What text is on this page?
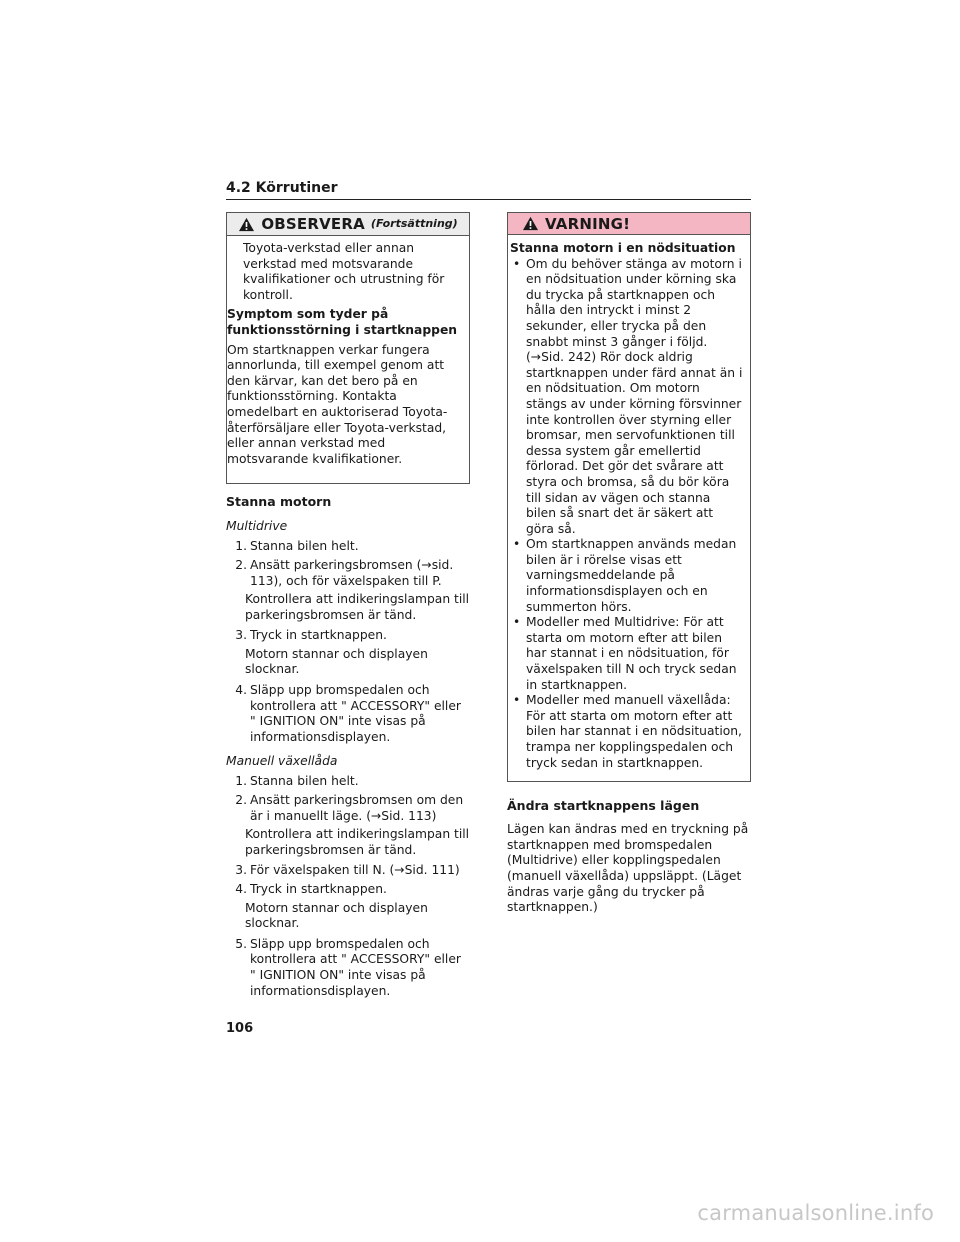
4.2 Körrutiner
OBSERVERA (Fortsättning)

Toyota-verkstad eller annan verkstad med motsvarande kvalifikationer och utrustning för kontroll.

Symptom som tyder på funktionsstörning i startknappen

Om startknappen verkar fungera annorlunda, till exempel genom att den kärvar, kan det bero på en funktionsstörning. Kontakta omedelbart en auktoriserad Toyota-återförsäljare eller Toyota-verkstad, eller annan verkstad med motsvarande kvalifikationer.

Stanna motorn
Multidrive
1. Stanna bilen helt.
2. Ansätt parkeringsbromsen (→sid. 113), och för växelspaken till P.
Kontrollera att indikeringslampan till parkeringsbromsen är tänd.
3. Tryck in startknappen.
Motorn stannar och displayen slocknar.
4. Släpp upp bromspedalen och kontrollera att " ACCESSORY" eller " IGNITION ON" inte visas på informationsdisplayen.
Manuell växellåda
1. Stanna bilen helt.
2. Ansätt parkeringsbromsen om den är i manuellt läge. (→Sid. 113)
Kontrollera att indikeringslampan till parkeringsbromsen är tänd.
3. För växelspaken till N. (→Sid. 111)
4. Tryck in startknappen.
Motorn stannar och displayen slocknar.
5. Släpp upp bromspedalen och kontrollera att " ACCESSORY" eller " IGNITION ON" inte visas på informationsdisplayen.
VARNING!

Stanna motorn i en nödsituation

• Om du behöver stänga av motorn i en nödsituation under körning ska du trycka på startknappen och hålla den intryckt i minst 2 sekunder, eller trycka på den snabbt minst 3 gånger i följd. (→Sid. 242) Rör dock aldrig startknappen under färd annat än i en nödsituation. Om motorn stängs av under körning försvinner inte kontrollen över styrning eller bromsar, men servofunktionen till dessa system går emellertid förlorad. Det gör det svårare att styra och bromsa, så du bör köra till sidan av vägen och stanna bilen så snart det är säkert att göra så.
• Om startknappen används medan bilen är i rörelse visas ett varningsmeddelande på informationsdisplayen och en summerton hörs.
• Modeller med Multidrive: För att starta om motorn efter att bilen har stannat i en nödsituation, för växelspaken till N och tryck sedan in startknappen.
• Modeller med manuell växellåda: För att starta om motorn efter att bilen har stannat i en nödsituation, trampa ner kopplingspedalen och tryck sedan in startknappen.
Ändra startknappens lägen

Lägen kan ändras med en tryckning på startknappen med bromspedalen (Multidrive) eller kopplingspedalen (manuell växellåda) uppsläppt. (Läget ändras varje gång du trycker på startknappen.)

106
carmanualsonline.info
